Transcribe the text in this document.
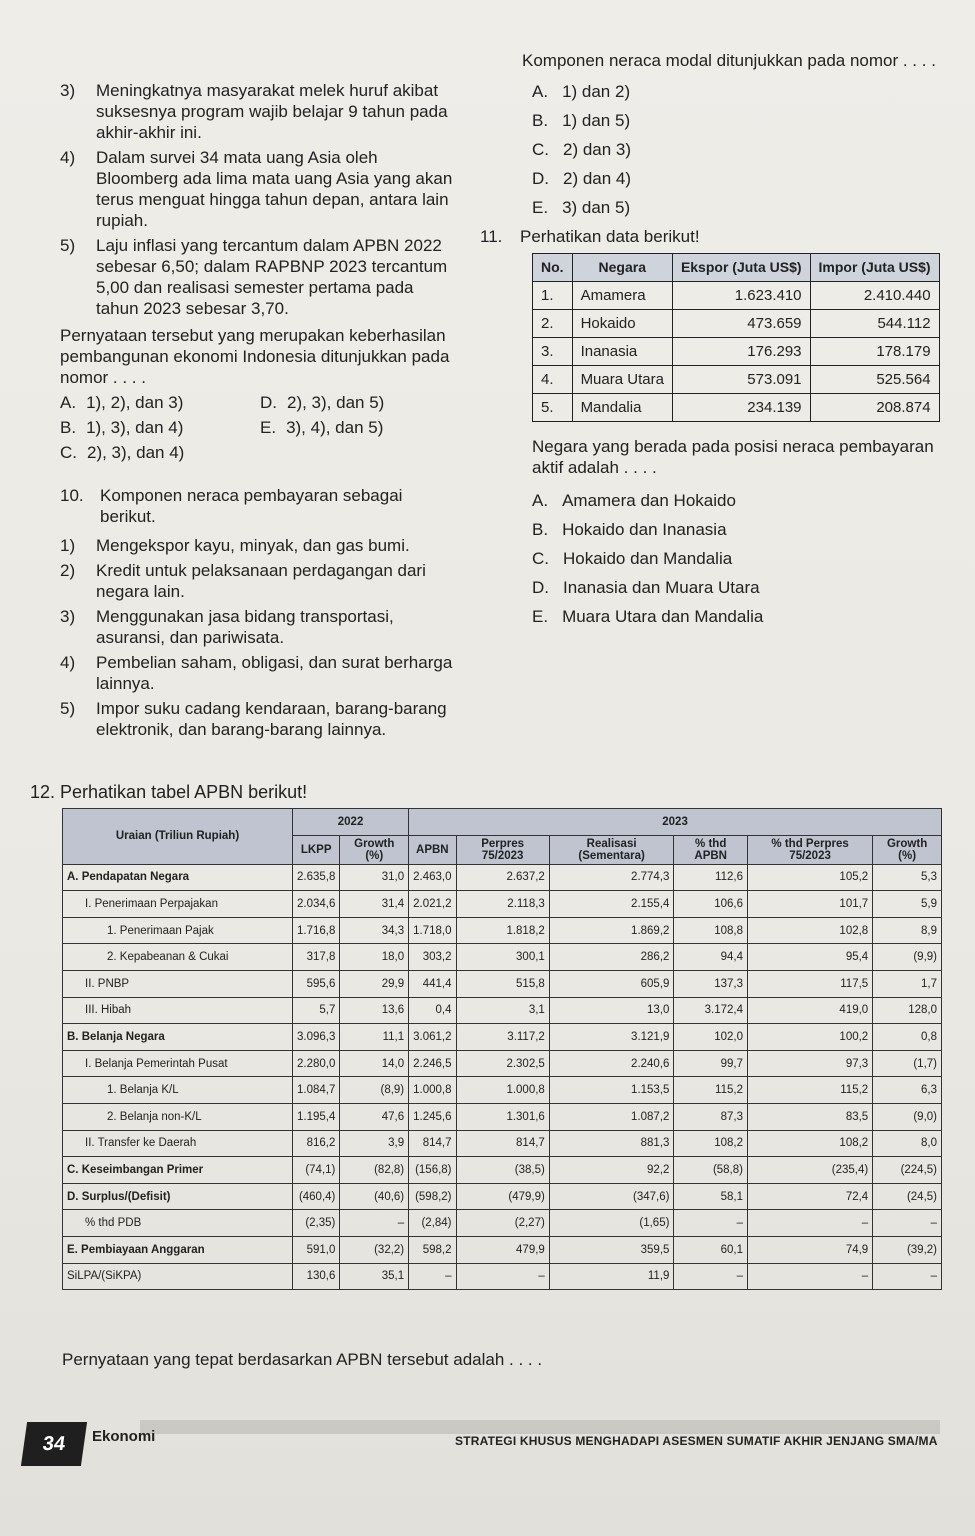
3)	Meningkatnya masyarakat melek huruf akibat suksesnya program wajib belajar 9 tahun pada akhir-akhir ini.
4)	Dalam survei 34 mata uang Asia oleh Bloomberg ada lima mata uang Asia yang akan terus menguat hingga tahun depan, antara lain rupiah.
5)	Laju inflasi yang tercantum dalam APBN 2022 sebesar 6,50; dalam RAPBNP 2023 tercantum 5,00 dan realisasi semester pertama pada tahun 2023 sebesar 3,70.
Pernyataan tersebut yang merupakan keberhasilan pembangunan ekonomi Indonesia ditunjukkan pada nomor . . . .
A. 1), 2), dan 3)	D. 2), 3), dan 5)
B. 1), 3), dan 4)	E. 3), 4), dan 5)
C. 2), 3), dan 4)
10. Komponen neraca pembayaran sebagai berikut.
1)	Mengekspor kayu, minyak, dan gas bumi.
2)	Kredit untuk pelaksanaan perdagangan dari negara lain.
3)	Menggunakan jasa bidang transportasi, asuransi, dan pariwisata.
4)	Pembelian saham, obligasi, dan surat berharga lainnya.
5)	Impor suku cadang kendaraan, barang-barang elektronik, dan barang-barang lainnya.
Komponen neraca modal ditunjukkan pada nomor . . . .
A. 1) dan 2)
B. 1) dan 5)
C. 2) dan 3)
D. 2) dan 4)
E. 3) dan 5)
11.	Perhatikan data berikut!
No.	Negara	Ekspor (Juta US$)	Impor (Juta US$)
1.	Amamera	1.623.410	2.410.440
2.	Hokaido	473.659	544.112
3.	Inanasia	176.293	178.179
4.	Muara Utara	573.091	525.564
5.	Mandalia	234.139	208.874
Negara yang berada pada posisi neraca pembayaran aktif adalah . . . .
A. Amamera dan Hokaido
B. Hokaido dan Inanasia
C. Hokaido dan Mandalia
D. Inanasia dan Muara Utara
E. Muara Utara dan Mandalia
12. Perhatikan tabel APBN berikut!
Uraian (Triliun Rupiah)	2022		2023					
	LKPP	Growth (%)	APBN	Perpres 75/2023	Realisasi (Sementara)	% thd APBN	% thd Perpres 75/2023	Growth (%)
A. Pendapatan Negara	2.635,8	31,0	2.463,0	2.637,2	2.774,3	112,6	105,2	5,3
I. Penerimaan Perpajakan	2.034,6	31,4	2.021,2	2.118,3	2.155,4	106,6	101,7	5,9
1. Penerimaan Pajak	1.716,8	34,3	1.718,0	1.818,2	1.869,2	108,8	102,8	8,9
2. Kepabeanan & Cukai	317,8	18,0	303,2	300,1	286,2	94,4	95,4	(9,9)
II. PNBP	595,6	29,9	441,4	515,8	605,9	137,3	117,5	1,7
III. Hibah	5,7	13,6	0,4	3,1	13,0	3.172,4	419,0	128,0
B. Belanja Negara	3.096,3	11,1	3.061,2	3.117,2	3.121,9	102,0	100,2	0,8
I. Belanja Pemerintah Pusat	2.280,0	14,0	2.246,5	2.302,5	2.240,6	99,7	97,3	(1,7)
1. Belanja K/L	1.084,7	(8,9)	1.000,8	1.000,8	1.153,5	115,2	115,2	6,3
2. Belanja non-K/L	1.195,4	47,6	1.245,6	1.301,6	1.087,2	87,3	83,5	(9,0)
II. Transfer ke Daerah	816,2	3,9	814,7	814,7	881,3	108,2	108,2	8,0
C. Keseimbangan Primer	(74,1)	(82,8)	(156,8)	(38,5)	92,2	(58,8)	(235,4)	(224,5)
D. Surplus/(Defisit)	(460,4)	(40,6)	(598,2)	(479,9)	(347,6)	58,1	72,4	(24,5)
% thd PDB	(2,35)	–	(2,84)	(2,27)	(1,65)	–	–	–
E. Pembiayaan Anggaran	591,0	(32,2)	598,2	479,9	359,5	60,1	74,9	(39,2)
SiLPA/(SiKPA)	130,6	35,1	–	–	11,9	–	–	–
Pernyataan yang tepat berdasarkan APBN tersebut adalah . . . .
34	Ekonomi	STRATEGI KHUSUS MENGHADAPI ASESMEN SUMATIF AKHIR JENJANG SMA/MA
